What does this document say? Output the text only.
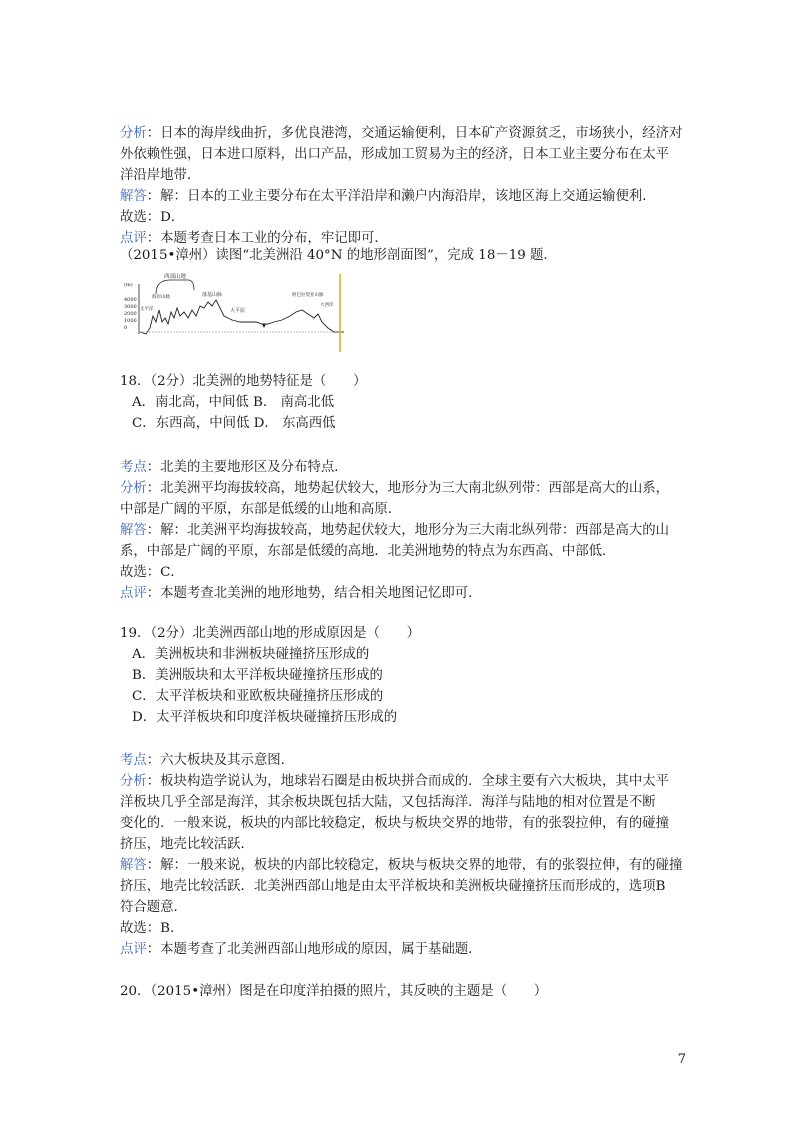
分析：日本的海岸线曲折，多优良港湾，交通运输便利，日本矿产资源贫乏，市场狭小，经济对
外依赖性强，日本进口原料，出口产品，形成加工贸易为主的经济，日本工业主要分布在太平
洋沿岸地带．
解答：解：日本的工业主要分布在太平洋沿岸和濑户内海沿岸，该地区海上交通运输便利．
故选：D．
点评：本题考查日本工业的分布，牢记即可．
（2015•漳州）读图“北美洲沿 40°N 的地形剖面图”，完成 18－19 题．
(m)
4000
3000
2000
1000
0
西部山地
海岸山脉
太平洋
落基山脉
大平原
阿巴拉契亚山脉
大西洋
18．（2分）北美洲的地势特征是（　　）
A．南北高，中间低 B． 南高北低
C．东西高，中间低 D． 东高西低
考点：北美的主要地形区及分布特点．
分析：北美洲平均海拔较高，地势起伏较大，地形分为三大南北纵列带：西部是高大的山系，
中部是广阔的平原，东部是低缓的山地和高原．
解答：解：北美洲平均海拔较高，地势起伏较大，地形分为三大南北纵列带：西部是高大的山
系，中部是广阔的平原，东部是低缓的高地．北美洲地势的特点为东西高、中部低．
故选：C．
点评：本题考查北美洲的地形地势，结合相关地图记忆即可．
19．（2分）北美洲西部山地的形成原因是（　　）
A．美洲板块和非洲板块碰撞挤压形成的
B．美洲版块和太平洋板块碰撞挤压形成的
C．太平洋板块和亚欧板块碰撞挤压形成的
D．太平洋板块和印度洋板块碰撞挤压形成的
考点：六大板块及其示意图．
分析：板块构造学说认为，地球岩石圈是由板块拼合而成的．全球主要有六大板块，其中太平
洋板块几乎全部是海洋，其余板块既包括大陆，又包括海洋．海洋与陆地的相对位置是不断
变化的．一般来说，板块的内部比较稳定，板块与板块交界的地带，有的张裂拉伸，有的碰撞
挤压，地壳比较活跃．
解答：解：一般来说，板块的内部比较稳定，板块与板块交界的地带，有的张裂拉伸，有的碰撞
挤压，地壳比较活跃．北美洲西部山地是由太平洋板块和美洲板块碰撞挤压而形成的，选项B
符合题意．
故选：B．
点评：本题考查了北美洲西部山地形成的原因，属于基础题．
20．（2015•漳州）图是在印度洋拍摄的照片，其反映的主题是（　　）
7
